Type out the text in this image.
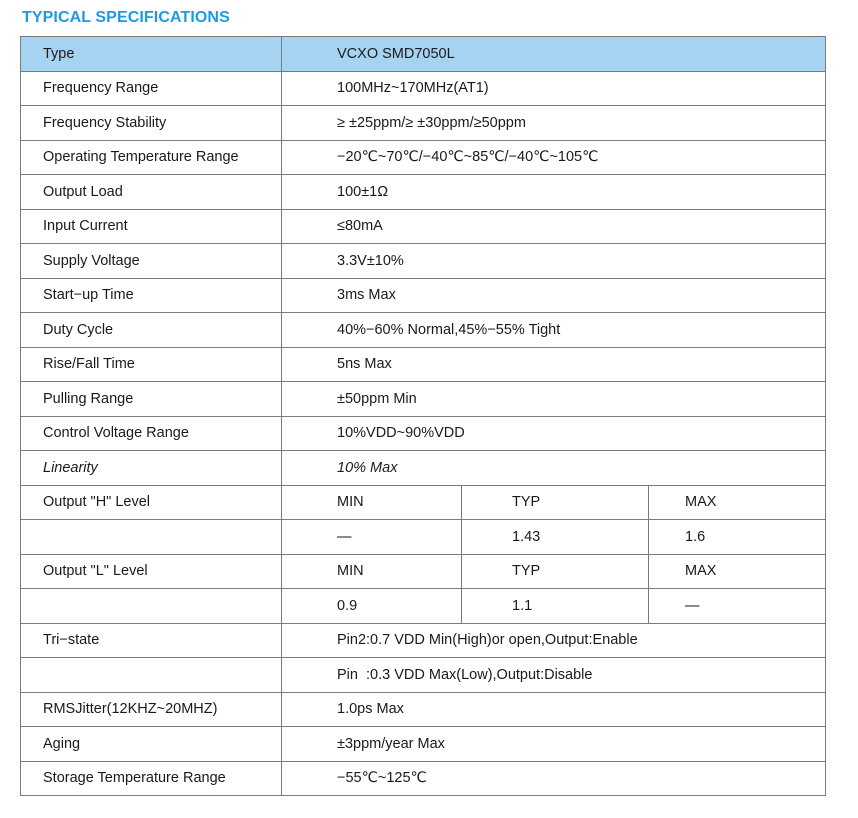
TYPICAL SPECIFICATIONS
Type	VCXO SMD7050L		
Frequency Range	100MHz~170MHz(AT1)		
Frequency Stability	≥ ±25ppm/≥ ±30ppm/≥50ppm		
Operating Temperature Range	−20℃~70℃/−40℃~85℃/−40℃~105℃		
Output Load	100±1Ω		
Input Current	≤80mA		
Supply Voltage	3.3V±10%		
Start−up Time	3ms Max		
Duty Cycle	40%−60% Normal,45%−55% Tight		
Rise/Fall Time	5ns Max		
Pulling Range	±50ppm Min		
Control Voltage Range	10%VDD~90%VDD		
Linearity	10% Max		
Output "H" Level	MIN	TYP	MAX
	—	1.43	1.6
Output "L" Level	MIN	TYP	MAX
	0.9	1.1	—
Tri−state	Pin2:0.7 VDD Min(High)or open,Output:Enable		
	Pin  :0.3 VDD Max(Low),Output:Disable		
RMSJitter(12KHZ~20MHZ)	1.0ps Max		
Aging	±3ppm/year Max		
Storage Temperature Range	−55℃~125℃		
